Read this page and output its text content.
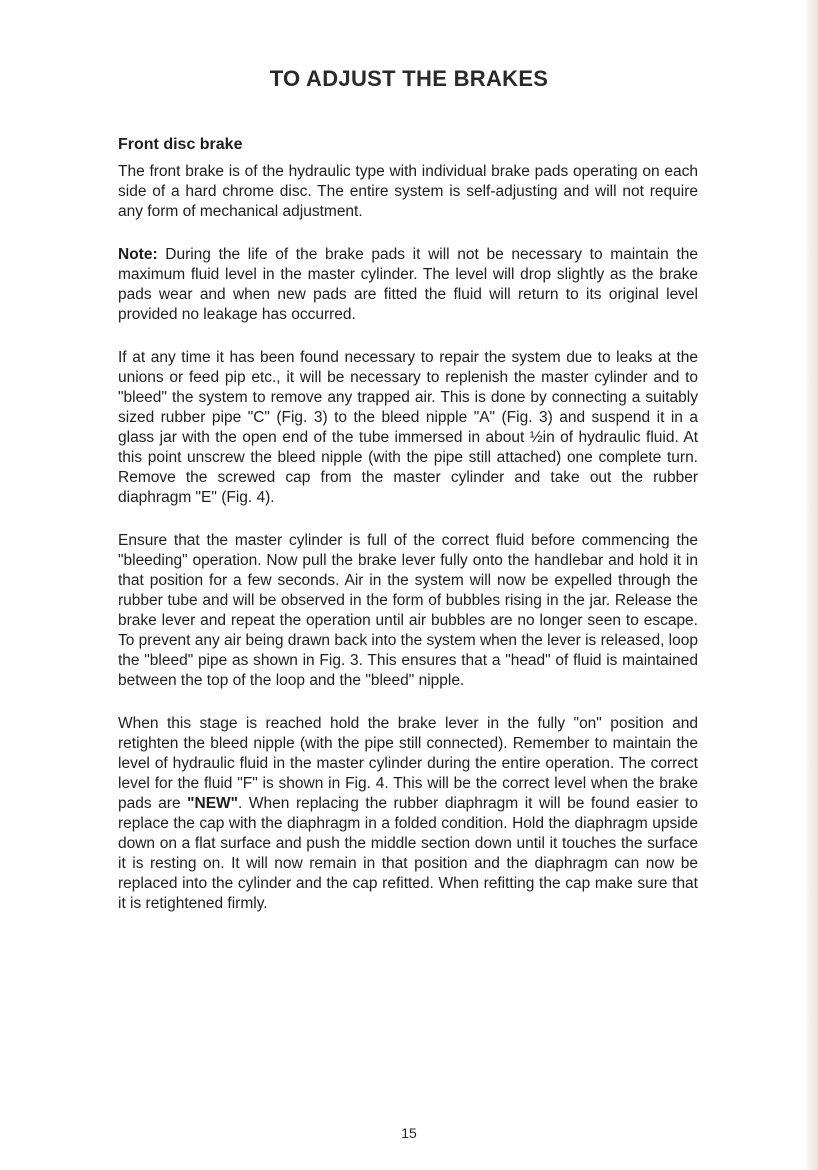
TO ADJUST THE BRAKES
Front disc brake

The front brake is of the hydraulic type with individual brake pads operating on each side of a hard chrome disc. The entire system is self-adjusting and will not require any form of mechanical adjustment.

Note: During the life of the brake pads it will not be necessary to maintain the maximum fluid level in the master cylinder. The level will drop slightly as the brake pads wear and when new pads are fitted the fluid will return to its original level provided no leakage has occurred.

If at any time it has been found necessary to repair the system due to leaks at the unions or feed pip etc., it will be necessary to replenish the master cylinder and to "bleed" the system to remove any trapped air. This is done by connecting a suitably sized rubber pipe "C" (Fig. 3) to the bleed nipple "A" (Fig. 3) and suspend it in a glass jar with the open end of the tube immersed in about ½in of hydraulic fluid. At this point unscrew the bleed nipple (with the pipe still attached) one complete turn. Remove the screwed cap from the master cylinder and take out the rubber diaphragm "E" (Fig. 4).

Ensure that the master cylinder is full of the correct fluid before commencing the "bleeding" operation. Now pull the brake lever fully onto the handlebar and hold it in that position for a few seconds. Air in the system will now be expelled through the rubber tube and will be observed in the form of bubbles rising in the jar. Release the brake lever and repeat the operation until air bubbles are no longer seen to escape. To prevent any air being drawn back into the system when the lever is released, loop the "bleed" pipe as shown in Fig. 3. This ensures that a "head" of fluid is maintained between the top of the loop and the "bleed" nipple.

When this stage is reached hold the brake lever in the fully "on" position and retighten the bleed nipple (with the pipe still connected). Remember to maintain the level of hydraulic fluid in the master cylinder during the entire operation. The correct level for the fluid "F" is shown in Fig. 4. This will be the correct level when the brake pads are "NEW". When replacing the rubber diaphragm it will be found easier to replace the cap with the diaphragm in a folded condition. Hold the diaphragm upside down on a flat surface and push the middle section down until it touches the surface it is resting on. It will now remain in that position and the diaphragm can now be replaced into the cylinder and the cap refitted. When refitting the cap make sure that it is retightened firmly.

15
